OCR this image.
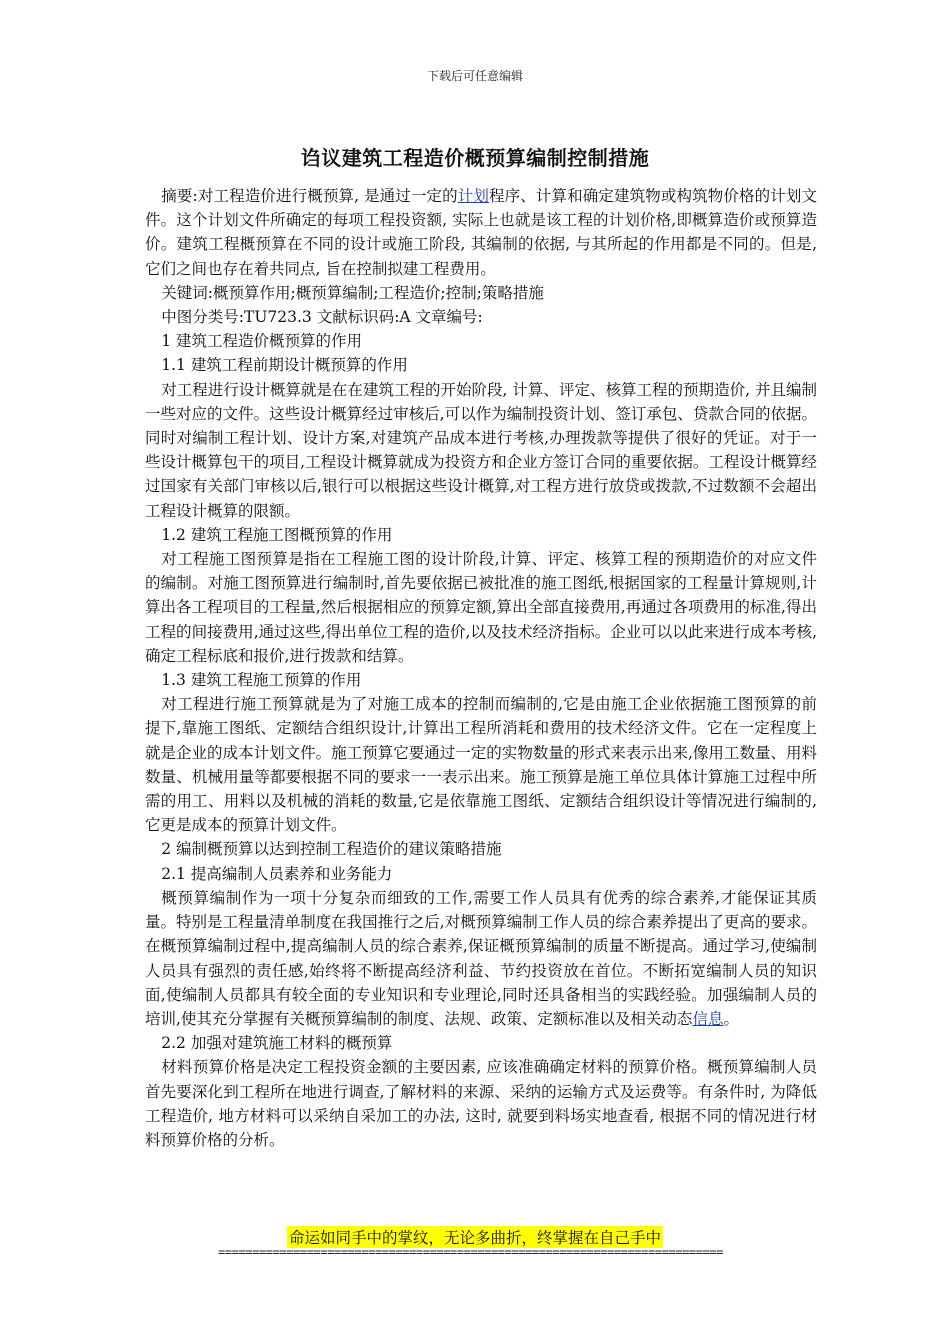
下载后可任意编辑
诌议建筑工程造价概预算编制控制措施

摘要:对工程造价进行概预算, 是通过一定的计划程序、计算和确定建筑物或构筑物价格的计划文件。这个计划文件所确定的每项工程投资额, 实际上也就是该工程的计划价格,即概算造价或预算造价。建筑工程概预算在不同的设计或施工阶段, 其编制的依据, 与其所起的作用都是不同的。但是, 它们之间也存在着共同点, 旨在控制拟建工程费用。

关键词:概预算作用;概预算编制;工程造价;控制;策略措施

中图分类号:TU723.3 文献标识码:A 文章编号:

1 建筑工程造价概预算的作用

1.1 建筑工程前期设计概预算的作用

对工程进行设计概算就是在在建筑工程的开始阶段, 计算、评定、核算工程的预期造价, 并且编制一些对应的文件。这些设计概算经过审核后,可以作为编制投资计划、签订承包、贷款合同的依据。同时对编制工程计划、设计方案,对建筑产品成本进行考核,办理拨款等提供了很好的凭证。对于一些设计概算包干的项目,工程设计概算就成为投资方和企业方签订合同的重要依据。工程设计概算经过国家有关部门审核以后,银行可以根据这些设计概算,对工程方进行放贷或拨款,不过数额不会超出工程设计概算的限额。

1.2 建筑工程施工图概预算的作用

对工程施工图预算是指在工程施工图的设计阶段,计算、评定、核算工程的预期造价的对应文件的编制。对施工图预算进行编制时,首先要依据已被批准的施工图纸,根据国家的工程量计算规则,计算出各工程项目的工程量,然后根据相应的预算定额,算出全部直接费用,再通过各项费用的标准,得出工程的间接费用,通过这些,得出单位工程的造价,以及技术经济指标。企业可以以此来进行成本考核,确定工程标底和报价,进行拨款和结算。

1.3 建筑工程施工预算的作用

对工程进行施工预算就是为了对施工成本的控制而编制的,它是由施工企业依据施工图预算的前提下,靠施工图纸、定额结合组织设计,计算出工程所消耗和费用的技术经济文件。它在一定程度上就是企业的成本计划文件。施工预算它要通过一定的实物数量的形式来表示出来,像用工数量、用料数量、机械用量等都要根据不同的要求一一表示出来。施工预算是施工单位具体计算施工过程中所需的用工、用料以及机械的消耗的数量,它是依靠施工图纸、定额结合组织设计等情况进行编制的,它更是成本的预算计划文件。

2 编制概预算以达到控制工程造价的建议策略措施

2.1 提高编制人员素养和业务能力

概预算编制作为一项十分复杂而细致的工作,需要工作人员具有优秀的综合素养,才能保证其质量。特别是工程量清单制度在我国推行之后,对概预算编制工作人员的综合素养提出了更高的要求。在概预算编制过程中,提高编制人员的综合素养,保证概预算编制的质量不断提高。通过学习,使编制人员具有强烈的责任感,始终将不断提高经济利益、节约投资放在首位。不断拓宽编制人员的知识面,使编制人员都具有较全面的专业知识和专业理论,同时还具备相当的实践经验。加强编制人员的培训,使其充分掌握有关概预算编制的制度、法规、政策、定额标准以及相关动态信息。

2.2 加强对建筑施工材料的概预算

材料预算价格是决定工程投资金额的主要因素, 应该准确确定材料的预算价格。概预算编制人员首先要深化到工程所在地进行调查,了解材料的来源、采纳的运输方式及运费等。有条件时, 为降低工程造价, 地方材料可以采纳自采加工的办法, 这时, 就要到料场实地查看, 根据不同的情况进行材料预算价格的分析。

命运如同手中的掌纹，无论多曲折，终掌握在自己手中
==========================================================================
